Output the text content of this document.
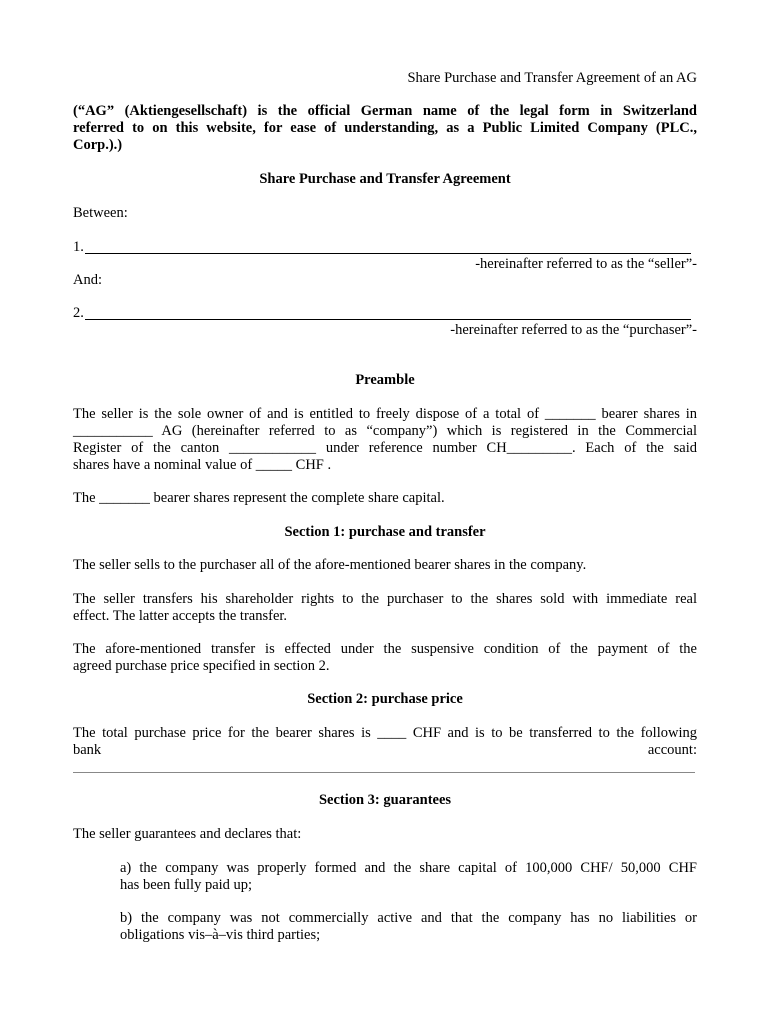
Share Purchase and Transfer Agreement of an AG
(“AG” (Aktiengesellschaft) is the official German name of the legal form in Switzerland
referred to on this website, for ease of understanding, as a Public Limited Company (PLC.,
Corp.).)
Share Purchase and Transfer Agreement
Between:
1.
-hereinafter referred to as the “seller”-
And:
2.
-hereinafter referred to as the “purchaser”-
Preamble
The seller is the sole owner of and is entitled to freely dispose of a total of _______ bearer shares in
___________ AG (hereinafter referred to as “company”) which is registered in the Commercial
Register of the canton ____________ under reference number CH_________. Each of the said
shares have a nominal value of _____ CHF .
The _______ bearer shares represent the complete share capital.
Section 1: purchase and transfer
The seller sells to the purchaser all of the afore-mentioned bearer shares in the company.
The seller transfers his shareholder rights to the purchaser to the shares sold with immediate real
effect. The latter accepts the transfer.
The afore-mentioned transfer is effected under the suspensive condition of the payment of the
agreed purchase price specified in section 2.
Section 2: purchase price
The total purchase price for the bearer shares is ____ CHF and is to be transferred to the following
bank	account:
Section 3: guarantees
The seller guarantees and declares that:
a) the company was properly formed and the share capital of 100,000 CHF/ 50,000 CHF
has been fully paid up;
b) the company was not commercially active and that the company has no liabilities or
obligations vis–à–vis third parties;
